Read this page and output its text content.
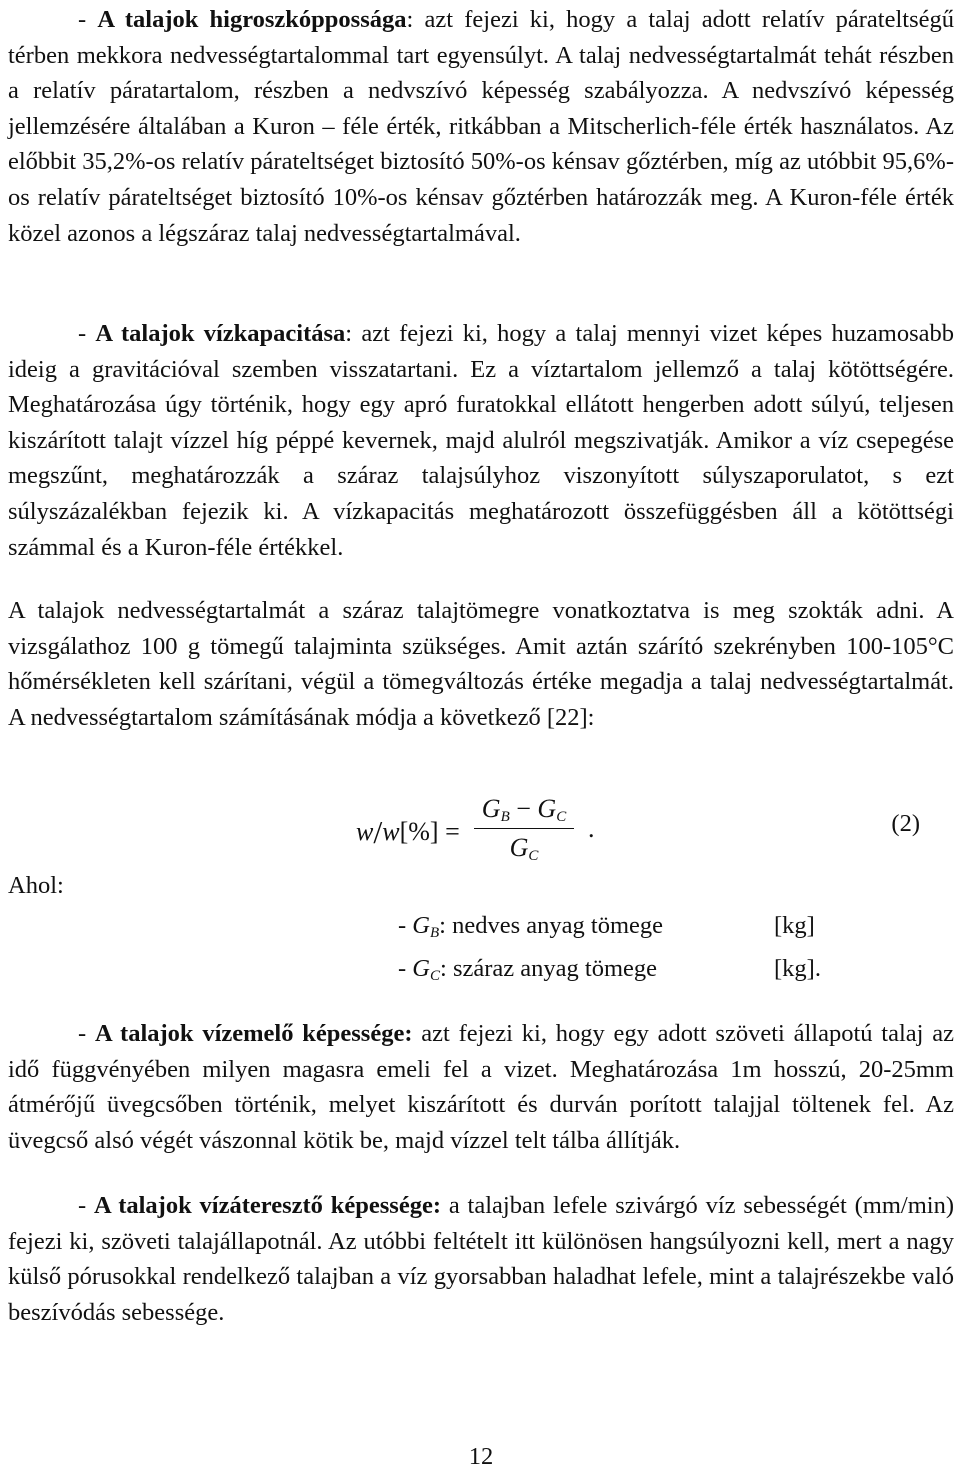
- A talajok higroszkóppossága: azt fejezi ki, hogy a talaj adott relatív párateltségű térben mekkora nedvességtartalommal tart egyensúlyt. A talaj nedvességtartalmát tehát részben a relatív páratartalom, részben a nedvszívó képesség szabályozza. A nedvszívó képesség jellemzésére általában a Kuron – féle érték, ritkábban a Mitscherlich-féle érték használatos. Az előbbit 35,2%-os relatív párateltséget biztosító 50%-os kénsav gőztérben, míg az utóbbit 95,6%-os relatív párateltséget biztosító 10%-os kénsav gőztérben határozzák meg. A Kuron-féle érték közel azonos a légszáraz talaj nedvességtartalmával.

- A talajok vízkapacitása: azt fejezi ki, hogy a talaj mennyi vizet képes huzamosabb ideig a gravitációval szemben visszatartani. Ez a víztartalom jellemző a talaj kötöttségére. Meghatározása úgy történik, hogy egy apró furatokkal ellátott hengerben adott súlyú, teljesen kiszárított talajt vízzel híg péppé kevernek, majd alulról megszivatják. Amikor a víz csepegése megszűnt, meghatározzák a száraz talajsúlyhoz viszonyított súlyszaporulatot, s ezt súlyszázalékban fejezik ki. A vízkapacitás meghatározott összefüggésben áll a kötöttségi számmal és a Kuron-féle értékkel.

A talajok nedvességtartalmát a száraz talajtömegre vonatkoztatva is meg szokták adni. A vizsgálathoz 100 g tömegű talajminta szükséges. Amit aztán szárító szekrényben 100-105°C hőmérsékleten kell szárítani, végül a tömegváltozás értéke megadja a talaj nedvességtartalmát. A nedvességtartalom számításának módja a következő [22]:

w/w[%] =
$G_B - G_C$
$G_C$
.	(2)
Ahol:
- $G_B$: nedves anyag tömege	[kg]
- $G_C$: száraz anyag tömege	[kg].

- A talajok vízemelő képessége: azt fejezi ki, hogy egy adott szöveti állapotú talaj az idő függvényében milyen magasra emeli fel a vizet. Meghatározása 1m hosszú, 20-25mm átmérőjű üvegcsőben történik, melyet kiszárított és durván porított talajjal töltenek fel. Az üvegcső alsó végét vászonnal kötik be, majd vízzel telt tálba állítják.

- A talajok vízáteresztő képessége: a talajban lefele szivárgó víz sebességét (mm/min) fejezi ki, szöveti talajállapotnál. Az utóbbi feltételt itt különösen hangsúlyozni kell, mert a nagy külső pórusokkal rendelkező talajban a víz gyorsabban haladhat lefele, mint a talajrészekbe való beszívódás sebessége.

12
